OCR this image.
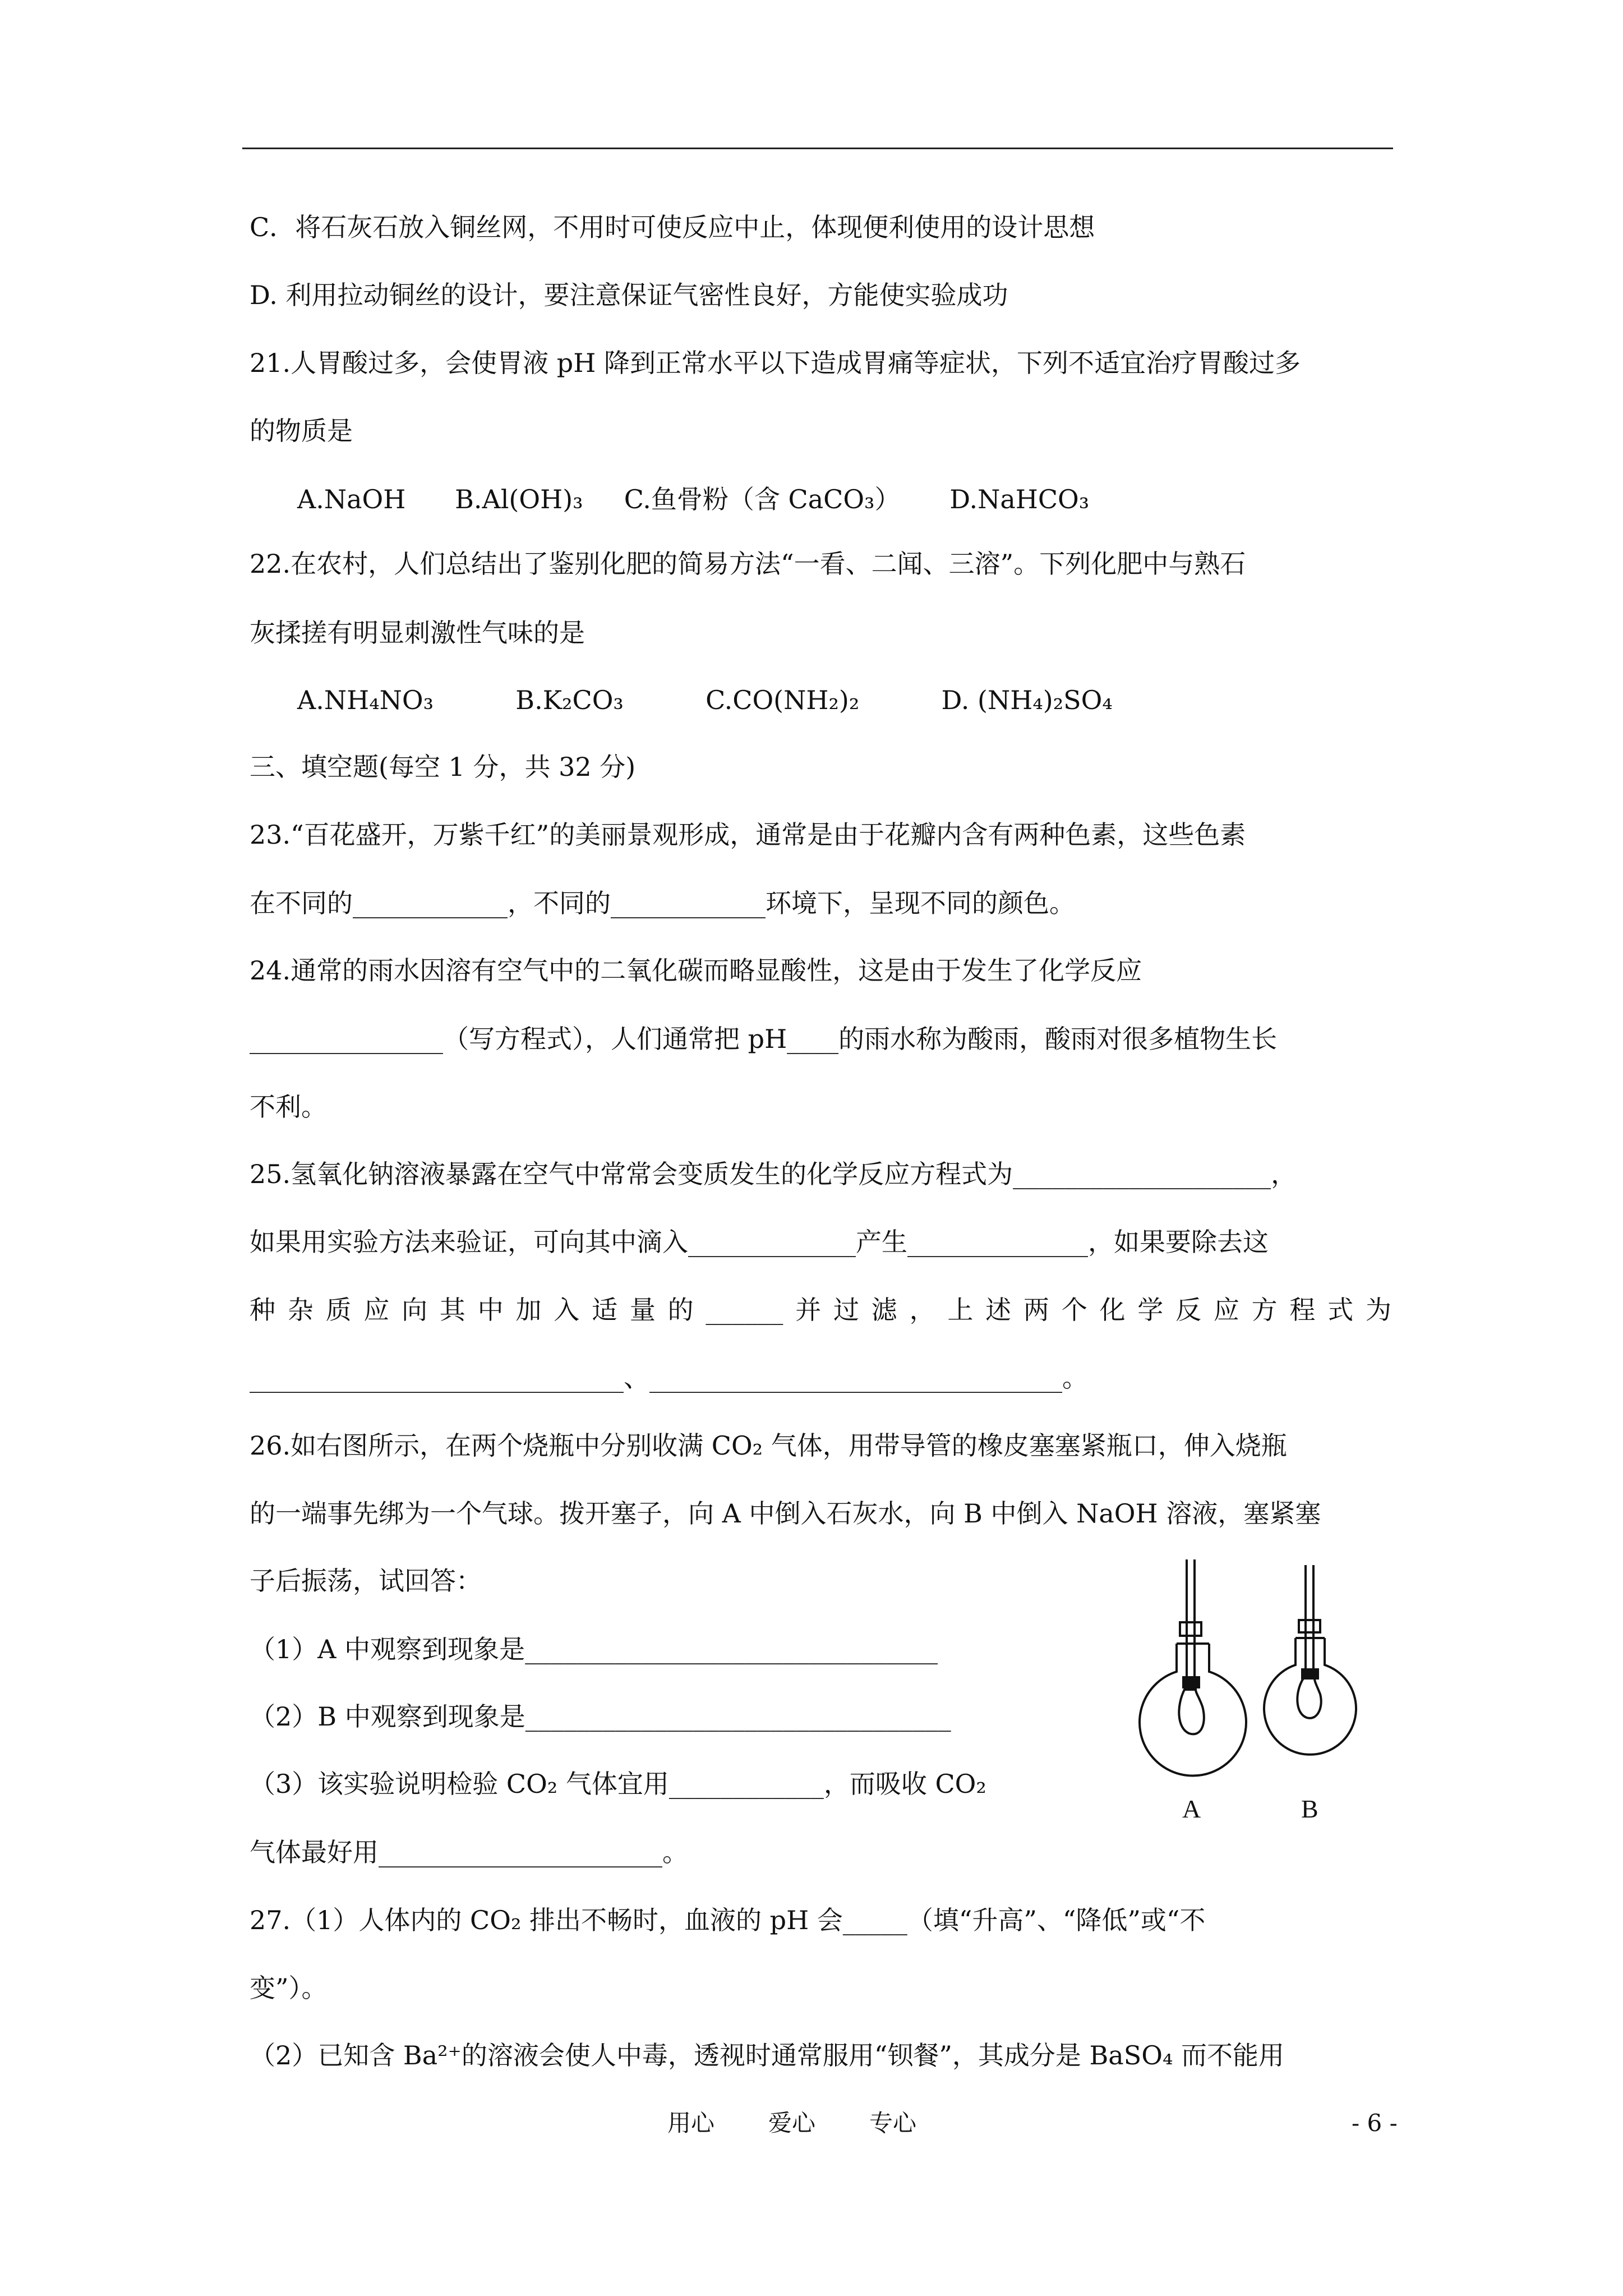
C．将石灰石放入铜丝网，不用时可使反应中止，体现便利使用的设计思想
D. 利用拉动铜丝的设计，要注意保证气密性良好，方能使实验成功
21.人胃酸过多，会使胃液 pH 降到正常水平以下造成胃痛等症状，下列不适宜治疗胃酸过多
的物质是
A.NaOH      B.Al(OH)₃     C.鱼骨粉（含 CaCO₃）      D.NaHCO₃
22.在农村，人们总结出了鉴别化肥的简易方法“一看、二闻、三溶”。下列化肥中与熟石
灰揉搓有明显刺激性气味的是
A.NH₄NO₃          B.K₂CO₃          C.CO(NH₂)₂          D. (NH₄)₂SO₄
三、填空题(每空 1 分，共 32 分)
23.“百花盛开，万紫千红”的美丽景观形成，通常是由于花瓣内含有两种色素，这些色素
在不同的____________，不同的____________环境下，呈现不同的颜色。
24.通常的雨水因溶有空气中的二氧化碳而略显酸性，这是由于发生了化学反应
_______________（写方程式），人们通常把 pH____的雨水称为酸雨，酸雨对很多植物生长
不利。
25.氢氧化钠溶液暴露在空气中常常会变质发生的化学反应方程式为____________________，
如果用实验方法来验证，可向其中滴入_____________产生______________，如果要除去这
种杂质应向其中加入适量的______并过滤，上述两个化学反应方程式为
_____________________________、________________________________。
26.如右图所示，在两个烧瓶中分别收满 CO₂ 气体，用带导管的橡皮塞塞紧瓶口，伸入烧瓶
的一端事先绑为一个气球。拨开塞子，向 A 中倒入石灰水，向 B 中倒入 NaOH 溶液，塞紧塞
子后振荡，试回答：
（1）A 中观察到现象是________________________________
（2）B 中观察到现象是_________________________________
（3）该实验说明检验 CO₂ 气体宜用____________，而吸收 CO₂
气体最好用______________________。
27.（1）人体内的 CO₂ 排出不畅时，血液的 pH 会_____（填“升高”、“降低”或“不
变”）。
（2）已知含 Ba²⁺的溶液会使人中毒，透视时通常服用“钡餐”，其成分是 BaSO₄ 而不能用
A	B
用心 爱心 专心	- 6 -
